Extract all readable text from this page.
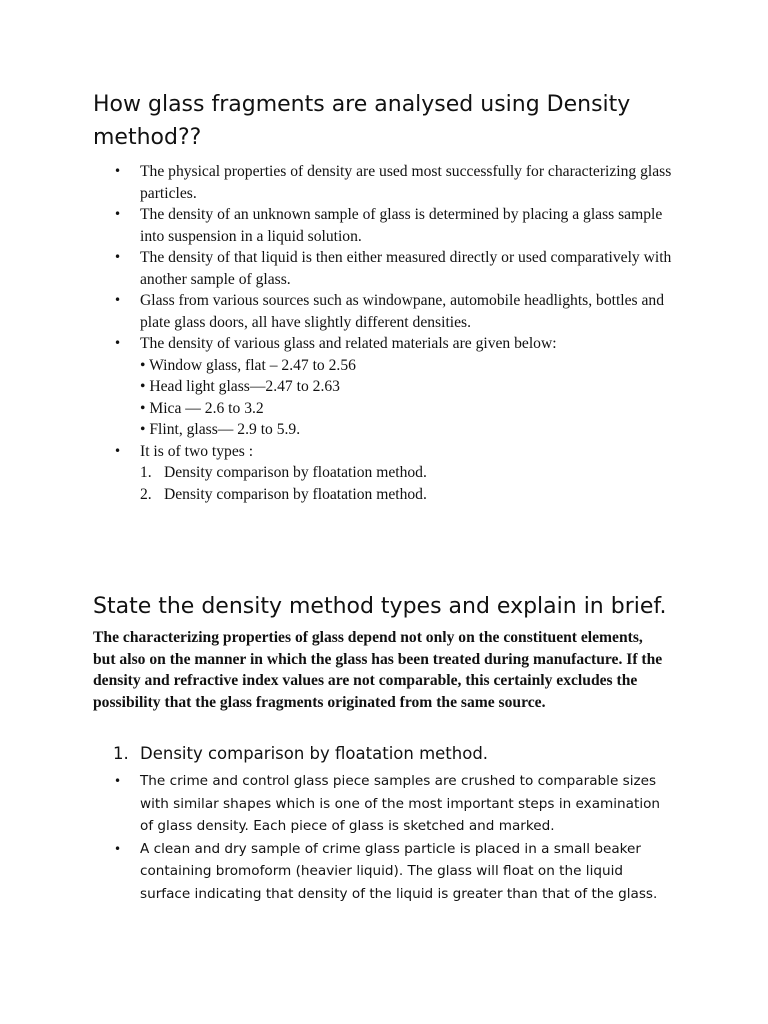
How glass fragments are analysed using Density method??
• The physical properties of density are used most successfully for characterizing glass particles.
• The density of an unknown sample of glass is determined by placing a glass sample into suspension in a liquid solution.
• The density of that liquid is then either measured directly or used comparatively with another sample of glass.
• Glass from various sources such as windowpane, automobile headlights, bottles and plate glass doors, all have slightly different densities.
• The density of various glass and related materials are given below:
• Window glass, flat – 2.47 to 2.56
• Head light glass—2.47 to 2.63
• Mica — 2.6 to 3.2
• Flint, glass— 2.9 to 5.9.
• It is of two types :
1. Density comparison by floatation method.
2. Density comparison by floatation method.
State the density method types and explain in brief.

The characterizing properties of glass depend not only on the constituent elements, but also on the manner in which the glass has been treated during manufacture. If the density and refractive index values are not comparable, this certainly excludes the possibility that the glass fragments originated from the same source.

1. Density comparison by floatation method.
• The crime and control glass piece samples are crushed to comparable sizes with similar shapes which is one of the most important steps in examination of glass density. Each piece of glass is sketched and marked.
• A clean and dry sample of crime glass particle is placed in a small beaker containing bromoform (heavier liquid). The glass will float on the liquid surface indicating that density of the liquid is greater than that of the glass.
